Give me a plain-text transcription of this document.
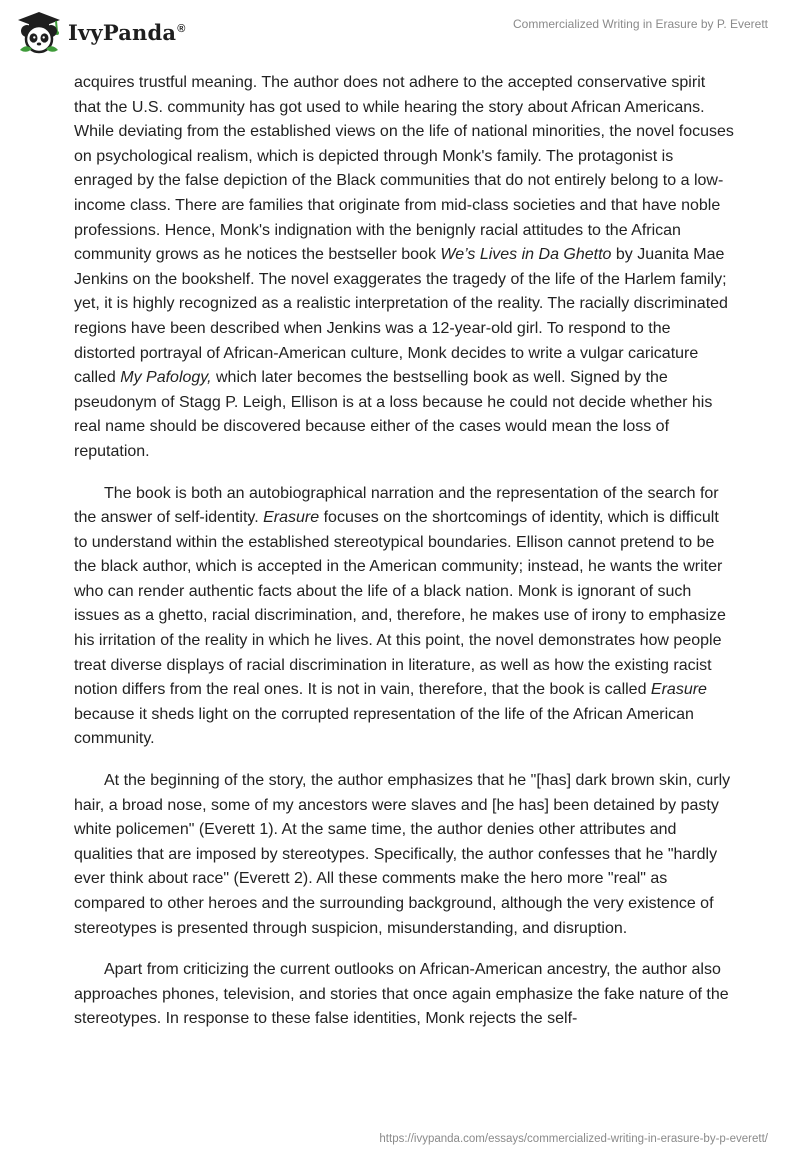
IvyPanda®	Commercialized Writing in Erasure by P. Everett

acquires trustful meaning. The author does not adhere to the accepted conservative spirit that the U.S. community has got used to while hearing the story about African Americans. While deviating from the established views on the life of national minorities, the novel focuses on psychological realism, which is depicted through Monk's family. The protagonist is enraged by the false depiction of the Black communities that do not entirely belong to a low-income class. There are families that originate from mid-class societies and that have noble professions. Hence, Monk's indignation with the benignly racial attitudes to the African community grows as he notices the bestseller book We’s Lives in Da Ghetto by Juanita Mae Jenkins on the bookshelf. The novel exaggerates the tragedy of the life of the Harlem family; yet, it is highly recognized as a realistic interpretation of the reality. The racially discriminated regions have been described when Jenkins was a 12-year-old girl. To respond to the distorted portrayal of African-American culture, Monk decides to write a vulgar caricature called My Pafology, which later becomes the bestselling book as well. Signed by the pseudonym of Stagg P. Leigh, Ellison is at a loss because he could not decide whether his real name should be discovered because either of the cases would mean the loss of reputation.

The book is both an autobiographical narration and the representation of the search for the answer of self-identity. Erasure focuses on the shortcomings of identity, which is difficult to understand within the established stereotypical boundaries. Ellison cannot pretend to be the black author, which is accepted in the American community; instead, he wants the writer who can render authentic facts about the life of a black nation. Monk is ignorant of such issues as a ghetto, racial discrimination, and, therefore, he makes use of irony to emphasize his irritation of the reality in which he lives. At this point, the novel demonstrates how people treat diverse displays of racial discrimination in literature, as well as how the existing racist notion differs from the real ones. It is not in vain, therefore, that the book is called Erasure because it sheds light on the corrupted representation of the life of the African American community.

At the beginning of the story, the author emphasizes that he "[has] dark brown skin, curly hair, a broad nose, some of my ancestors were slaves and [he has] been detained by pasty white policemen" (Everett 1). At the same time, the author denies other attributes and qualities that are imposed by stereotypes. Specifically, the author confesses that he "hardly ever think about race" (Everett 2). All these comments make the hero more "real" as compared to other heroes and the surrounding background, although the very existence of stereotypes is presented through suspicion, misunderstanding, and disruption.

Apart from criticizing the current outlooks on African-American ancestry, the author also approaches phones, television, and stories that once again emphasize the fake nature of the stereotypes. In response to these false identities, Monk rejects the self-

https://ivypanda.com/essays/commercialized-writing-in-erasure-by-p-everett/
